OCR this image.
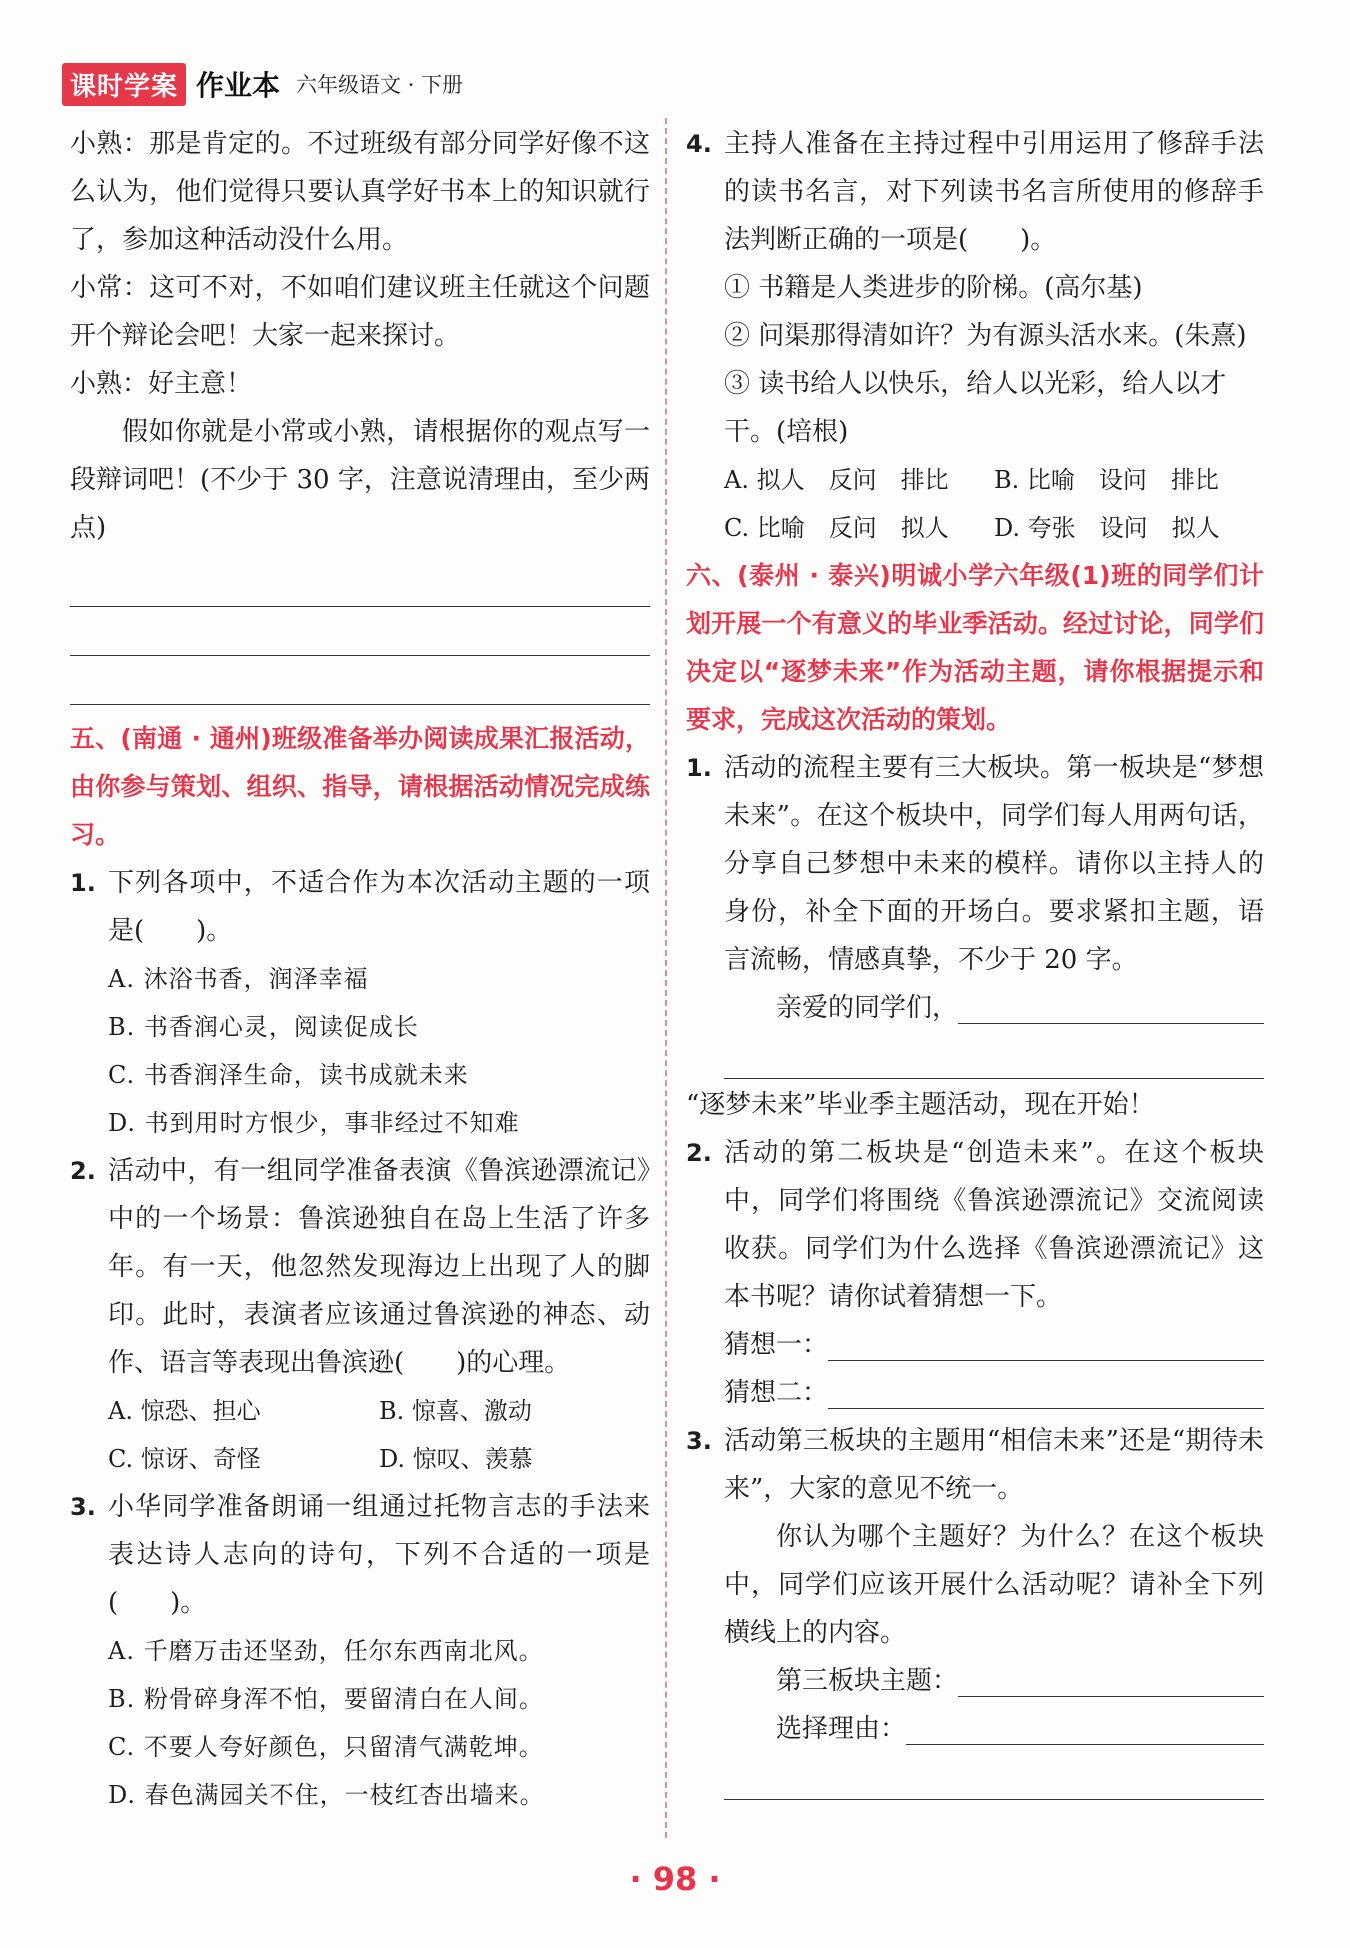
课时学案 作业本 六年级语文 · 下册

小熟：那是肯定的。不过班级有部分同学好像不这么认为，他们觉得只要认真学好书本上的知识就行了，参加这种活动没什么用。

小常：这可不对，不如咱们建议班主任就这个问题开个辩论会吧！大家一起来探讨。

小熟：好主意！

假如你就是小常或小熟，请根据你的观点写一段辩词吧！(不少于 30 字，注意说清理由，至少两点)

五、(南通 · 通州)班级准备举办阅读成果汇报活动，由你参与策划、组织、指导，请根据活动情况完成练习。

1. 下列各项中，不适合作为本次活动主题的一项是(　　)。
A. 沐浴书香，润泽幸福
B. 书香润心灵，阅读促成长
C. 书香润泽生命，读书成就未来
D. 书到用时方恨少，事非经过不知难
2. 活动中，有一组同学准备表演《鲁滨逊漂流记》中的一个场景：鲁滨逊独自在岛上生活了许多年。有一天，他忽然发现海边上出现了人的脚印。此时，表演者应该通过鲁滨逊的神态、动作、语言等表现出鲁滨逊(　　)的心理。
A. 惊恐、担心	B. 惊喜、激动
C. 惊讶、奇怪	D. 惊叹、羡慕
3. 小华同学准备朗诵一组通过托物言志的手法来表达诗人志向的诗句，下列不合适的一项是(　　)。
A. 千磨万击还坚劲，任尔东西南北风。
B. 粉骨碎身浑不怕，要留清白在人间。
C. 不要人夸好颜色，只留清气满乾坤。
D. 春色满园关不住，一枝红杏出墙来。
4. 主持人准备在主持过程中引用运用了修辞手法的读书名言，对下列读书名言所使用的修辞手法判断正确的一项是(　　)。
① 书籍是人类进步的阶梯。(高尔基)
② 问渠那得清如许？为有源头活水来。(朱熹)
③ 读书给人以快乐，给人以光彩，给人以才干。(培根)
A. 拟人　反问　排比	B. 比喻　设问　排比
C. 比喻　反问　拟人	D. 夸张　设问　拟人

六、(泰州 · 泰兴)明诚小学六年级(1)班的同学们计划开展一个有意义的毕业季活动。经过讨论，同学们决定以“逐梦未来”作为活动主题，请你根据提示和要求，完成这次活动的策划。

1. 活动的流程主要有三大板块。第一板块是“梦想未来”。在这个板块中，同学们每人用两句话，分享自己梦想中未来的模样。请你以主持人的身份，补全下面的开场白。要求紧扣主题，语言流畅，情感真挚，不少于 20 字。
亲爱的同学们，
“逐梦未来”毕业季主题活动，现在开始！
2. 活动的第二板块是“创造未来”。在这个板块中，同学们将围绕《鲁滨逊漂流记》交流阅读收获。同学们为什么选择《鲁滨逊漂流记》这本书呢？请你试着猜想一下。
猜想一：
猜想二：
3. 活动第三板块的主题用“相信未来”还是“期待未来”，大家的意见不统一。

你认为哪个主题好？为什么？在这个板块中，同学们应该开展什么活动呢？请补全下列横线上的内容。

第三板块主题：
选择理由：
· 98 ·
